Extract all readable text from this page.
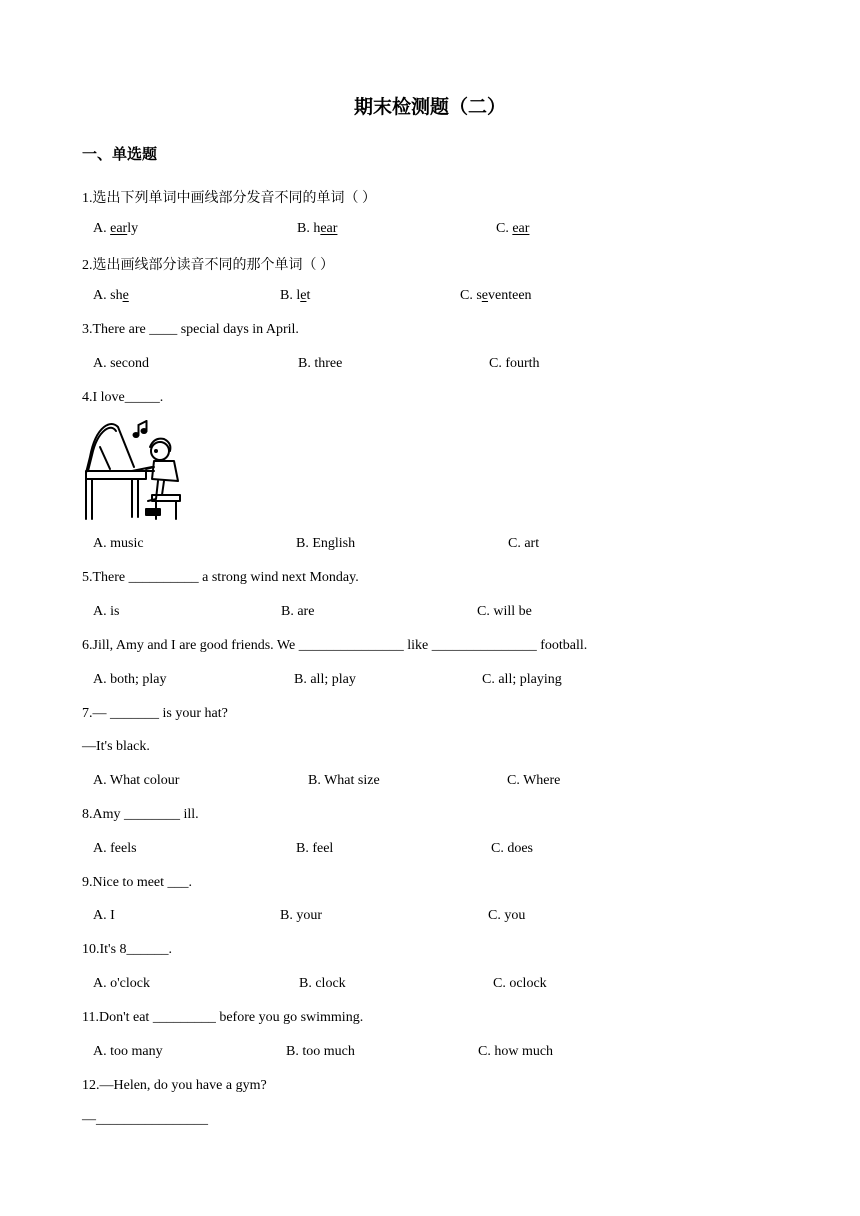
期末检测题（二）
一、单选题
1.选出下列单词中画线部分发音不同的单词（ ）
A. early	B. hear	C. ear
2.选出画线部分读音不同的那个单词（ ）
A. she	B. let	C. seventeen
3.There are ____ special days in April.
A. second	B. three	C. fourth
4.I love_____.
A. music	B. English	C. art
5.There __________ a strong wind next Monday.
A. is	B. are	C. will be
6.Jill, Amy and I are good friends. We _______________ like _______________ football.
A. both; play	B. all; play	C. all; playing
7.— _______ is your hat?
—It's black.
A. What colour	B. What size	C. Where
8.Amy ________ ill.
A. feels	B. feel	C. does
9.Nice to meet ___.
A. I	B. your	C. you
10.It's 8______.
A. o'clock	B. clock	C. oclock
11.Don't eat _________ before you go swimming.
A. too many	B. too much	C. how much
12.—Helen, do you have a gym?
—________________
